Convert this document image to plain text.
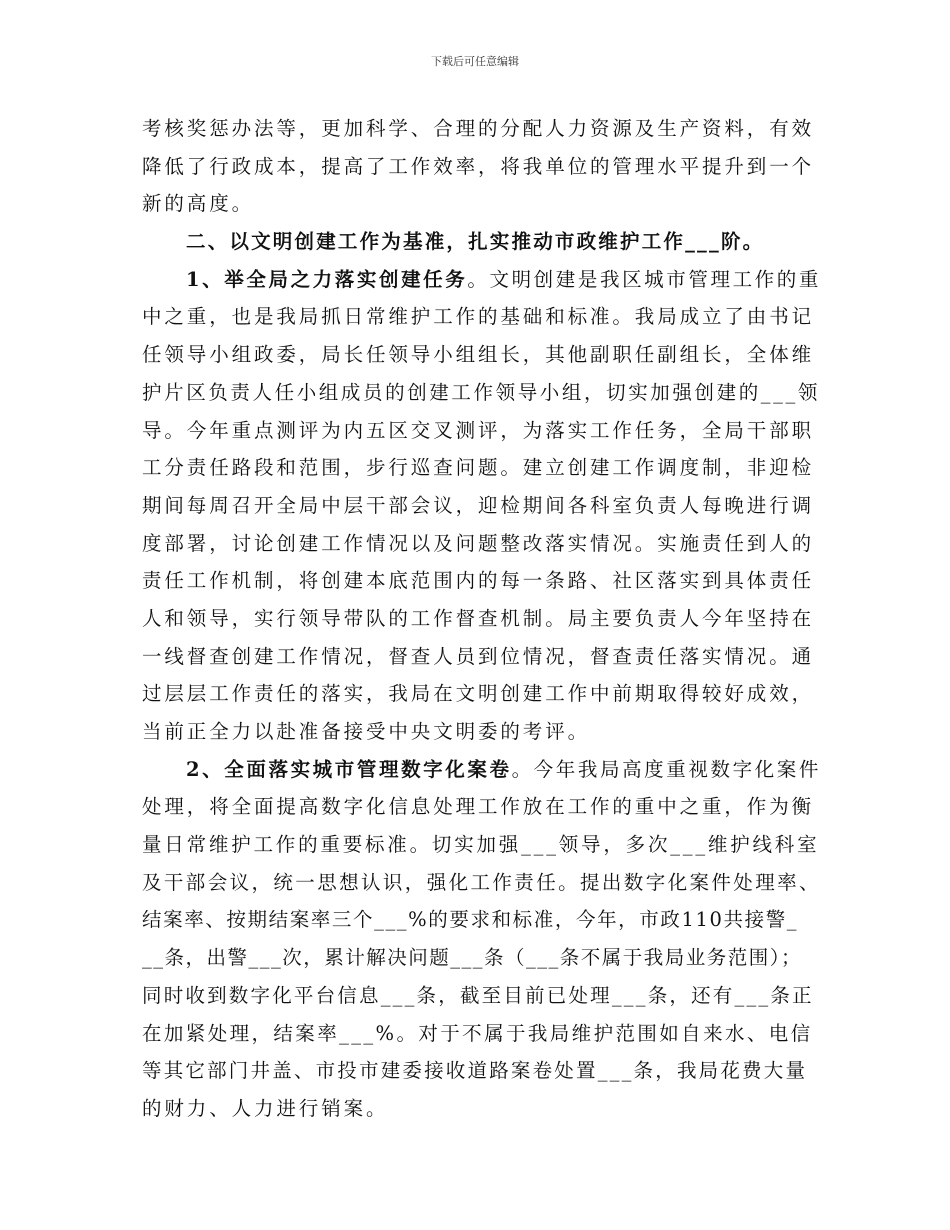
下载后可任意编辑
考核奖惩办法等，更加科学、合理的分配人力资源及生产资料，有效
降低了行政成本，提高了工作效率，将我单位的管理水平提升到一个
新的高度。
二、以文明创建工作为基准，扎实推动市政维护工作___阶。
1、举全局之力落实创建任务。文明创建是我区城市管理工作的重
中之重，也是我局抓日常维护工作的基础和标准。我局成立了由书记
任领导小组政委，局长任领导小组组长，其他副职任副组长，全体维
护片区负责人任小组成员的创建工作领导小组，切实加强创建的___领
导。今年重点测评为内五区交叉测评，为落实工作任务，全局干部职
工分责任路段和范围，步行巡查问题。建立创建工作调度制，非迎检
期间每周召开全局中层干部会议，迎检期间各科室负责人每晚进行调
度部署，讨论创建工作情况以及问题整改落实情况。实施责任到人的
责任工作机制，将创建本底范围内的每一条路、社区落实到具体责任
人和领导，实行领导带队的工作督查机制。局主要负责人今年坚持在
一线督查创建工作情况，督查人员到位情况，督查责任落实情况。通
过层层工作责任的落实，我局在文明创建工作中前期取得较好成效，
当前正全力以赴准备接受中央文明委的考评。
2、全面落实城市管理数字化案卷。今年我局高度重视数字化案件
处理，将全面提高数字化信息处理工作放在工作的重中之重，作为衡
量日常维护工作的重要标准。切实加强___领导，多次___维护线科室
及干部会议，统一思想认识，强化工作责任。提出数字化案件处理率、
结案率、按期结案率三个___%的要求和标准，今年，市政110共接警_
__条，出警___次，累计解决问题___条（___条不属于我局业务范围）；
同时收到数字化平台信息___条，截至目前已处理___条，还有___条正
在加紧处理，结案率___%。对于不属于我局维护范围如自来水、电信
等其它部门井盖、市投市建委接收道路案卷处置___条，我局花费大量
的财力、人力进行销案。
